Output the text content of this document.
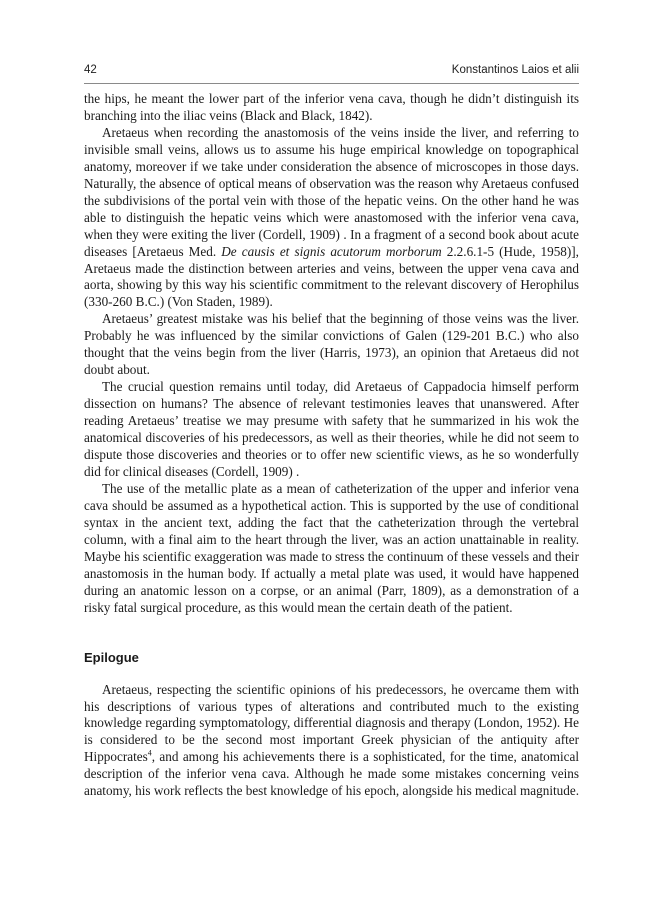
42	Konstantinos Laios et alii

the hips, he meant the lower part of the inferior vena cava, though he didn’t distinguish its branching into the iliac veins (Black and Black, 1842).

Aretaeus when recording the anastomosis of the veins inside the liver, and referring to invisible small veins, allows us to assume his huge empirical knowledge on topographical anatomy, moreover if we take under consideration the absence of microscopes in those days. Naturally, the absence of optical means of observation was the reason why Aretaeus confused the subdivisions of the portal vein with those of the hepatic veins. On the other hand he was able to distinguish the hepatic veins which were anastomosed with the inferior vena cava, when they were exiting the liver (Cordell, 1909) . In a fragment of a second book about acute diseases [Aretaeus Med. De causis et signis acutorum morborum 2.2.6.1-5 (Hude, 1958)], Aretaeus made the distinction between arteries and veins, between the upper vena cava and aorta, showing by this way his scientific commitment to the relevant discovery of Herophilus (330-260 B.C.) (Von Staden, 1989).

Aretaeus’ greatest mistake was his belief that the beginning of those veins was the liver. Probably he was influenced by the similar convictions of Galen (129-201 B.C.) who also thought that the veins begin from the liver (Harris, 1973), an opinion that Aretaeus did not doubt about.

The crucial question remains until today, did Aretaeus of Cappadocia himself perform dissection on humans? The absence of relevant testimonies leaves that unanswered. After reading Aretaeus’ treatise we may presume with safety that he summarized in his wok the anatomical discoveries of his predecessors, as well as their theories, while he did not seem to dispute those discoveries and theories or to offer new scientific views, as he so wonderfully did for clinical diseases (Cordell, 1909) .

The use of the metallic plate as a mean of catheterization of the upper and inferior vena cava should be assumed as a hypothetical action. This is supported by the use of conditional syntax in the ancient text, adding the fact that the catheterization through the vertebral column, with a final aim to the heart through the liver, was an action unattainable in reality. Maybe his scientific exaggeration was made to stress the continuum of these vessels and their anastomosis in the human body. If actually a metal plate was used, it would have happened during an anatomic lesson on a corpse, or an animal (Parr, 1809), as a demonstration of a risky fatal surgical procedure, as this would mean the certain death of the patient.

Epilogue

Aretaeus, respecting the scientific opinions of his predecessors, he overcame them with his descriptions of various types of alterations and contributed much to the existing knowledge regarding symptomatology, differential diagnosis and therapy (London, 1952). He is considered to be the second most important Greek physician of the antiquity after Hippocrates$^4$, and among his achievements there is a sophisticated, for the time, anatomical description of the inferior vena cava. Although he made some mistakes concerning veins anatomy, his work reflects the best knowledge of his epoch, alongside his medical magnitude.
